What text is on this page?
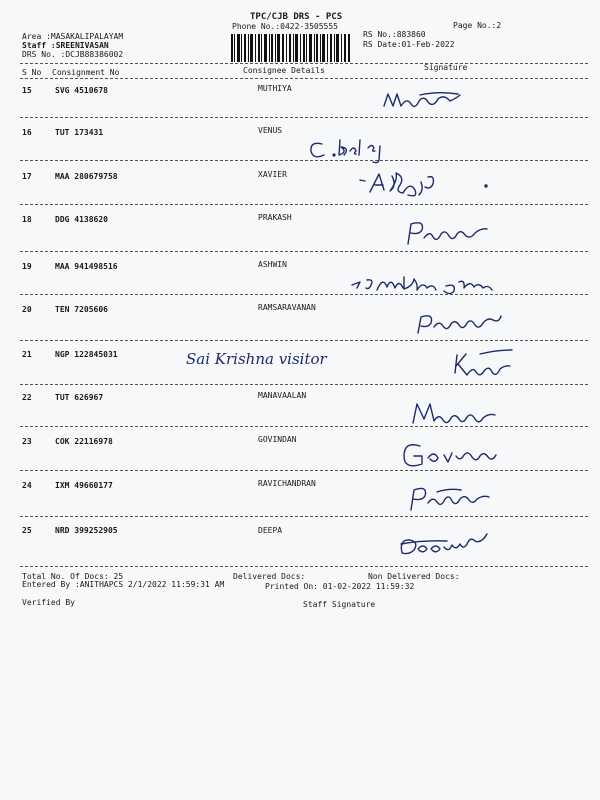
TPC/CJB DRS - PCS
Phone No.:0422-3505555	Page No.:2
Area :MASAKALIPALAYAM
Staff :SREENIVASAN
DRS No. :DCJB88386002
RS No.:883860
RS Date:01-Feb-2022
S No Consignment No	Consignee Details	Signature
15	SVG 4510678	MUTHIYA
16	TUT 173431	VENUS
17	MAA 280679758	XAVIER
18	DDG 4138620	PRAKASH
19	MAA 941498516	ASHWIN
20	TEN 7205606	RAMSARAVANAN
21	NGP 122845031	Sai Krishna visitor
22	TUT 626967	MANAVAALAN
23	COK 22116978	GOVINDAN
24	IXM 49660177	RAVICHANDRAN
25	NRD 399252905	DEEPA
Total No. Of Docs: 25	Delivered Docs:	Non Delivered Docs:
Entered By :ANITHAPCS 2/1/2022 11:59:31 AM	Printed On: 01-02-2022 11:59:32
Verified By	Staff Signature
